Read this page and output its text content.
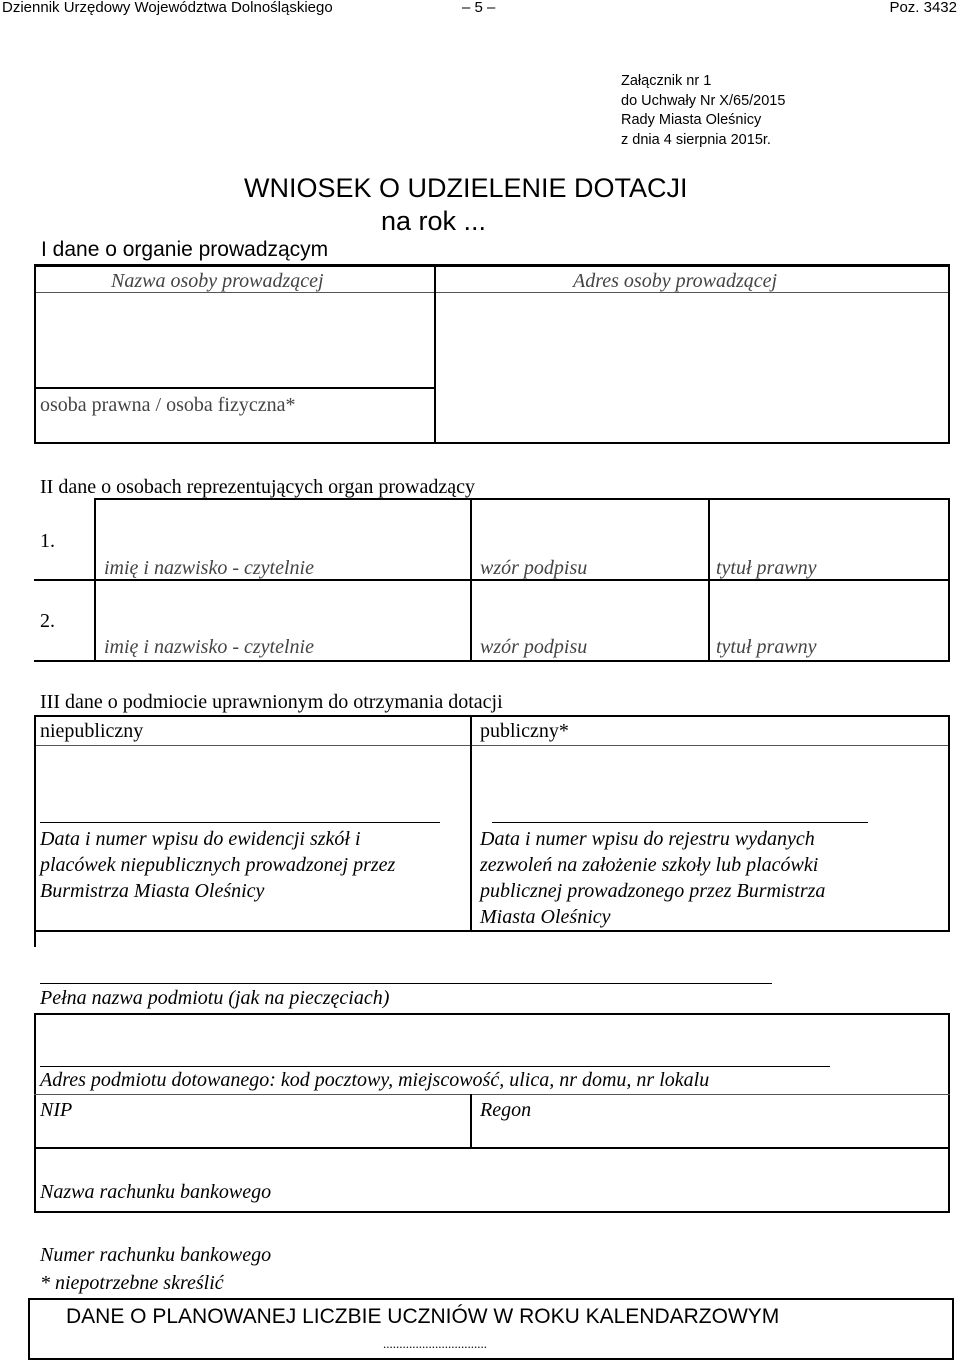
Dziennik Urzędowy Województwa Dolnośląskiego	– 5 –	Poz. 3432
Załącznik nr 1
do Uchwały Nr X/65/2015
Rady Miasta Oleśnicy
z dnia 4 sierpnia 2015r.
WNIOSEK O UDZIELENIE DOTACJI
na rok ...
I dane o organie prowadzącym
Nazwa osoby prowadzącej	Adres osoby prowadzącej
osoba prawna / osoba fizyczna*
II dane o osobach reprezentujących organ prowadzący
1.
imię i nazwisko - czytelnie	wzór podpisu	tytuł prawny
2.
imię i nazwisko - czytelnie	wzór podpisu	tytuł prawny
III dane o podmiocie uprawnionym do otrzymania dotacji
niepubliczny	publiczny*
Data i numer wpisu do ewidencji szkół i
placówek niepublicznych prowadzonej przez
Burmistrza Miasta Oleśnicy
Data i numer wpisu do rejestru wydanych
zezwoleń na założenie szkoły lub placówki
publicznej prowadzonego przez Burmistrza
Miasta Oleśnicy
Pełna nazwa podmiotu (jak na pieczęciach)
Adres podmiotu dotowanego: kod pocztowy, miejscowość, ulica, nr domu, nr lokalu
NIP	Regon
Nazwa rachunku bankowego
Numer rachunku bankowego
* niepotrzebne skreślić
DANE O PLANOWANEJ LICZBIE UCZNIÓW W ROKU KALENDARZOWYM
................................
